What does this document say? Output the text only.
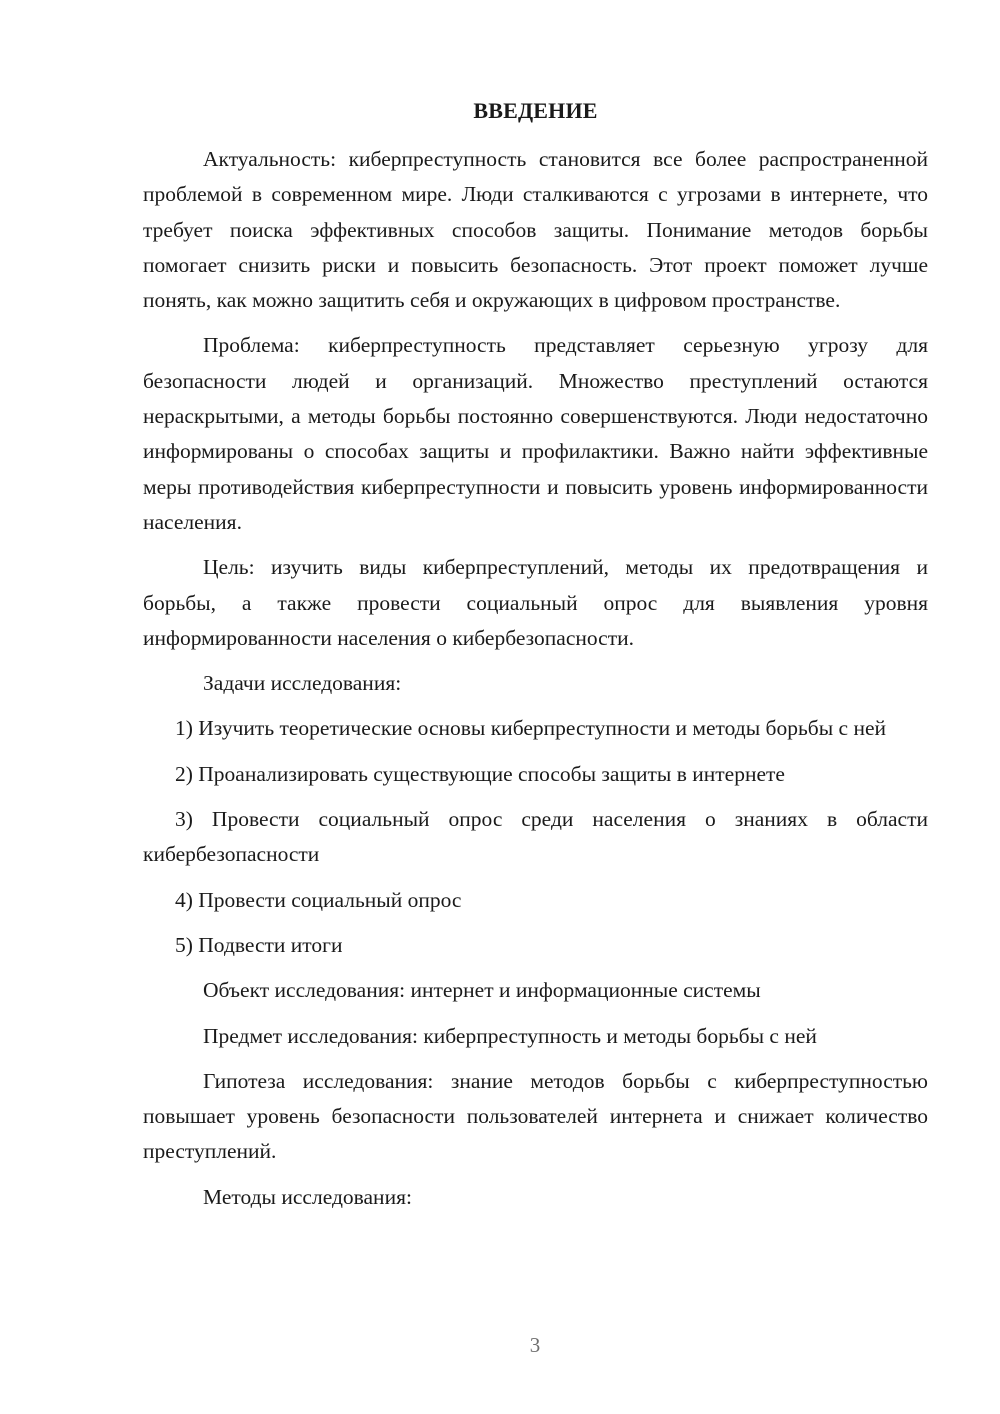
ВВЕДЕНИЕ

Актуальность: киберпреступность становится все более распространенной проблемой в современном мире. Люди сталкиваются с угрозами в интернете, что требует поиска эффективных способов защиты. Понимание методов борьбы помогает снизить риски и повысить безопасность. Этот проект поможет лучше понять, как можно защитить себя и окружающих в цифровом пространстве.

Проблема: киберпреступность представляет серьезную угрозу для безопасности людей и организаций. Множество преступлений остаются нераскрытыми, а методы борьбы постоянно совершенствуются. Люди недостаточно информированы о способах защиты и профилактики. Важно найти эффективные меры противодействия киберпреступности и повысить уровень информированности населения.

Цель: изучить виды киберпреступлений, методы их предотвращения и борьбы, а также провести социальный опрос для выявления уровня информированности населения о кибербезопасности.

Задачи исследования:

1) Изучить теоретические основы киберпреступности и методы борьбы с ней

2) Проанализировать существующие способы защиты в интернете

3) Провести социальный опрос среди населения о знаниях в области кибербезопасности

4) Провести социальный опрос

5) Подвести итоги

Объект исследования: интернет и информационные системы

Предмет исследования: киберпреступность и методы борьбы с ней

Гипотеза исследования: знание методов борьбы с киберпреступностью повышает уровень безопасности пользователей интернета и снижает количество преступлений.

Методы исследования:

3
